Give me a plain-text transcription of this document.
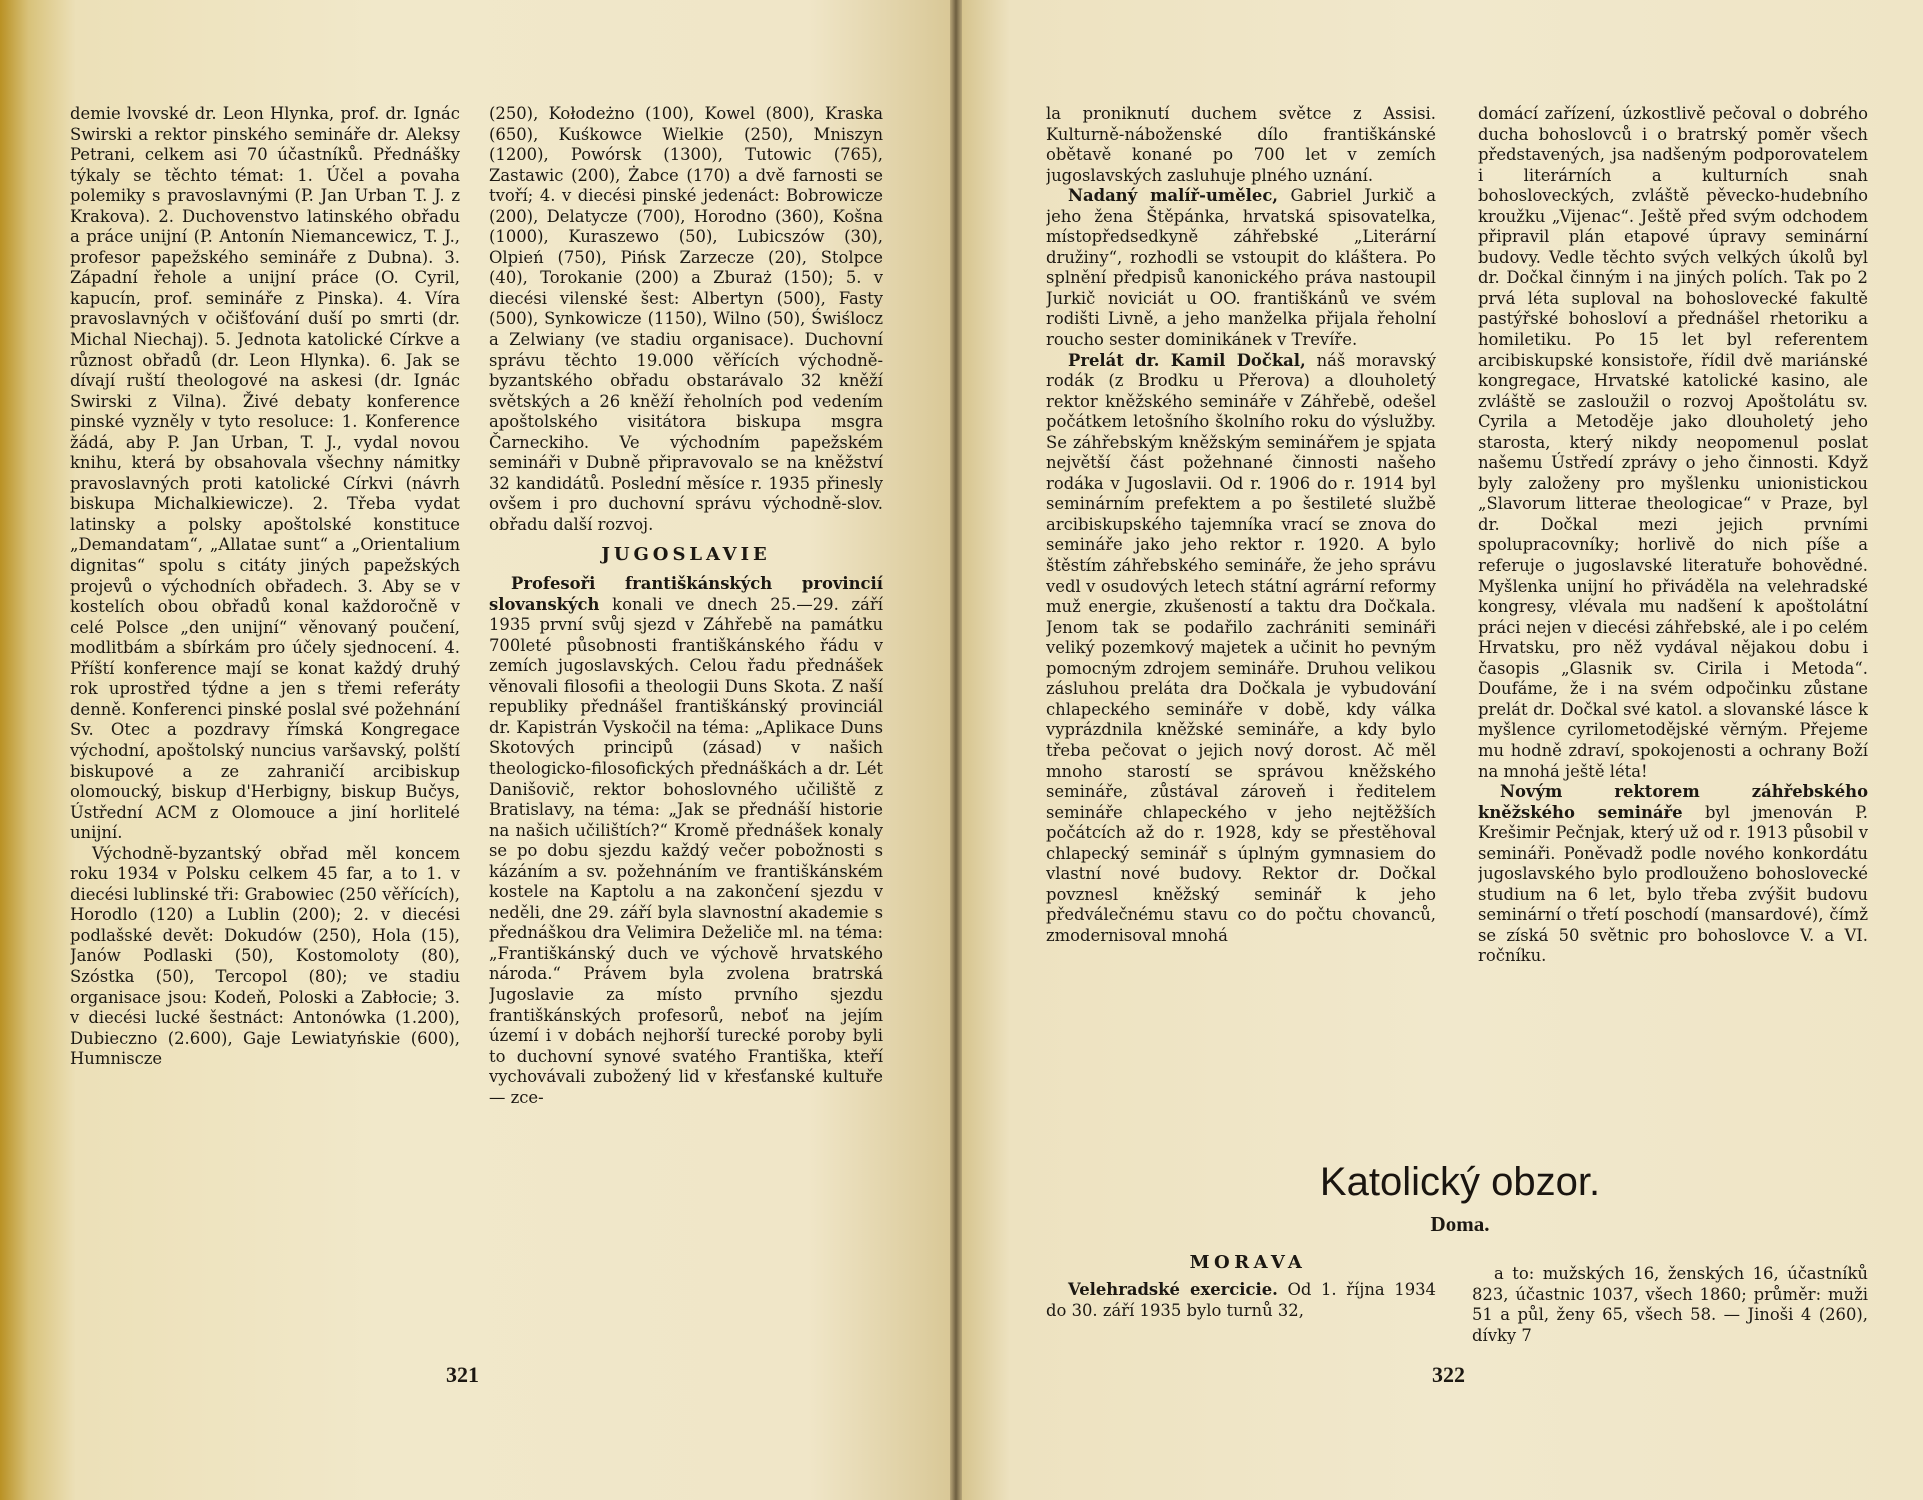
demie lvovské dr. Leon Hlynka, prof. dr. Ignác Swirski a rektor pinského semináře dr. Aleksy Petrani, celkem asi 70 účastníků. Přednášky týkaly se těchto témat: 1. Účel a povaha polemiky s pravoslavnými (P. Jan Urban T. J. z Krakova). 2. Duchovenstvo latinského obřadu a práce unijní (P. Antonín Niemancewicz, T. J., profesor papežského semináře z Dubna). 3. Západní řehole a unijní práce (O. Cyril, kapucín, prof. semináře z Pinska). 4. Víra pravoslavných v očišťování duší po smrti (dr. Michal Niechaj). 5. Jednota katolické Církve a různost obřadů (dr. Leon Hlynka). 6. Jak se dívají ruští theologové na askesi (dr. Ignác Swirski z Vilna). Živé debaty konference pinské vyzněly v tyto resoluce: 1. Konference žádá, aby P. Jan Urban, T. J., vydal novou knihu, která by obsahovala všechny námitky pravoslavných proti katolické Církvi (návrh biskupa Michalkiewicze). 2. Třeba vydat latinsky a polsky apoštolské konstituce „Demandatam“, „Allatae sunt“ a „Orientalium dignitas“ spolu s citáty jiných papežských projevů o východních obřadech. 3. Aby se v kostelích obou obřadů konal každoročně v celé Polsce „den unijní“ věnovaný poučení, modlitbám a sbírkám pro účely sjednocení. 4. Příští konference mají se konat každý druhý rok uprostřed týdne a jen s třemi referáty denně. Konferenci pinské poslal své požehnání Sv. Otec a pozdravy římská Kongregace východní, apoštolský nuncius varšavský, polští biskupové a ze zahraničí arcibiskup olomoucký, biskup d'Herbigny, biskup Bučys, Ústřední ACM z Olomouce a jiní horlitelé unijní.

Východně-byzantský obřad měl koncem roku 1934 v Polsku celkem 45 far, a to 1. v diecési lublinské tři: Grabowiec (250 věřících), Horodlo (120) a Lublin (200); 2. v diecési podlašské devět: Dokudów (250), Hola (15), Janów Podlaski (50), Kostomoloty (80), Szóstka (50), Tercopol (80); ve stadiu organisace jsou: Kodeň, Poloski a Zabłocie; 3. v diecési lucké šestnáct: Antonówka (1.200), Dubieczno (2.600), Gaje Lewiatyńskie (600), Humniscze

(250), Kołodeżno (100), Kowel (800), Kraska (650), Kuśkowce Wielkie (250), Mniszyn (1200), Powórsk (1300), Tutowic (765), Zastawic (200), Żabce (170) a dvě farnosti se tvoří; 4. v diecési pinské jedenáct: Bobrowicze (200), Delatycze (700), Horodno (360), Košna (1000), Kuraszewo (50), Lubicszów (30), Olpień (750), Pińsk Zarzecze (20), Stolpce (40), Torokanie (200) a Zburaż (150); 5. v diecési vilenské šest: Albertyn (500), Fasty (500), Synkowicze (1150), Wilno (50), Świślocz a Zelwiany (ve stadiu organisace). Duchovní správu těchto 19.000 věřících východně-byzantského obřadu obstarávalo 32 kněží světských a 26 kněží řeholních pod vedením apoštolského visitátora biskupa msgra Čarneckiho. Ve východním papežském semináři v Dubně připravovalo se na kněžství 32 kandidátů. Poslední měsíce r. 1935 přinesly ovšem i pro duchovní správu východně-slov. obřadu další rozvoj.

JUGOSLAVIE

Profesoři františkánských provincií slovanských konali ve dnech 25.—29. září 1935 první svůj sjezd v Záhřebě na památku 700leté působnosti františkánského řádu v zemích jugoslavských. Celou řadu přednášek věnovali filosofii a theologii Duns Skota. Z naší republiky přednášel františkánský provinciál dr. Kapistrán Vyskočil na téma: „Aplikace Duns Skotových principů (zásad) v našich theologicko-filosofických přednáškách a dr. Lét Danišovič, rektor bohoslovného učiliště z Bratislavy, na téma: „Jak se přednáší historie na našich učilištích?“ Kromě přednášek konaly se po dobu sjezdu každý večer pobožnosti s kázáním a sv. požehnáním ve františkánském kostele na Kaptolu a na zakončení sjezdu v neděli, dne 29. září byla slavnostní akademie s přednáškou dra Velimira Deželiče ml. na téma: „Františkánský duch ve výchově hrvatského národa.“ Právem byla zvolena bratrská Jugoslavie za místo prvního sjezdu františkánských profesorů, neboť na jejím území i v dobách nejhorší turecké poroby byli to duchovní synové svatého Františka, kteří vychovávali zubožený lid v křesťanské kultuře — zce-

321

la proniknutí duchem světce z Assisi. Kulturně-náboženské dílo františkánské obětavě konané po 700 let v zemích jugoslavských zasluhuje plného uznání.

Nadaný malíř-umělec, Gabriel Jurkič a jeho žena Štěpánka, hrvatská spisovatelka, místopředsedkyně záhřebské „Literární družiny“, rozhodli se vstoupit do kláštera. Po splnění předpisů kanonického práva nastoupil Jurkič noviciát u OO. františkánů ve svém rodišti Livně, a jeho manželka přijala řeholní roucho sester dominikánek v Trevíře.

Prelát dr. Kamil Dočkal, náš moravský rodák (z Brodku u Přerova) a dlouholetý rektor kněžského semináře v Záhřebě, odešel počátkem letošního školního roku do výslužby. Se záhřebským kněžským seminářem je spjata největší část požehnané činnosti našeho rodáka v Jugoslavii. Od r. 1906 do r. 1914 byl seminárním prefektem a po šestileté službě arcibiskupského tajemníka vrací se znova do semináře jako jeho rektor r. 1920. A bylo štěstím záhřebského semináře, že jeho správu vedl v osudových letech státní agrární reformy muž energie, zkušeností a taktu dra Dočkala. Jenom tak se podařilo zachrániti semináři veliký pozemkový majetek a učinit ho pevným pomocným zdrojem semináře. Druhou velikou zásluhou preláta dra Dočkala je vybudování chlapeckého semináře v době, kdy válka vyprázdnila kněžské semináře, a kdy bylo třeba pečovat o jejich nový dorost. Ač měl mnoho starostí se správou kněžského semináře, zůstával zároveň i ředitelem semináře chlapeckého v jeho nejtěžších počátcích až do r. 1928, kdy se přestěhoval chlapecký seminář s úplným gymnasiem do vlastní nové budovy. Rektor dr. Dočkal povznesl kněžský seminář k jeho předválečnému stavu co do počtu chovanců, zmodernisoval mnohá

domácí zařízení, úzkostlivě pečoval o dobrého ducha bohoslovců i o bratrský poměr všech představených, jsa nadšeným podporovatelem i literárních a kulturních snah bohosloveckých, zvláště pěvecko-hudebního kroužku „Vijenac“. Ještě před svým odchodem připravil plán etapové úpravy seminární budovy. Vedle těchto svých velkých úkolů byl dr. Dočkal činným i na jiných polích. Tak po 2 prvá léta suploval na bohoslovecké fakultě pastýřské bohosloví a přednášel rhetoriku a homiletiku. Po 15 let byl referentem arcibiskupské konsistoře, řídil dvě mariánské kongregace, Hrvatské katolické kasino, ale zvláště se zasloužil o rozvoj Apoštolátu sv. Cyrila a Metoděje jako dlouholetý jeho starosta, který nikdy neopomenul poslat našemu Ústředí zprávy o jeho činnosti. Když byly založeny pro myšlenku unionistickou „Slavorum litterae theologicae“ v Praze, byl dr. Dočkal mezi jejich prvními spolupracovníky; horlivě do nich píše a referuje o jugoslavské literatuře bohovědné. Myšlenka unijní ho přiváděla na velehradské kongresy, vlévala mu nadšení k apoštolátní práci nejen v diecési záhřebské, ale i po celém Hrvatsku, pro něž vydával nějakou dobu i časopis „Glasnik sv. Cirila i Metoda“. Doufáme, že i na svém odpočinku zůstane prelát dr. Dočkal své katol. a slovanské lásce k myšlence cyrilometodějské věrným. Přejeme mu hodně zdraví, spokojenosti a ochrany Boží na mnohá ještě léta!

Novým rektorem záhřebského kněžského semináře byl jmenován P. Krešimir Pečnjak, který už od r. 1913 působil v semináři. Poněvadž podle nového konkordátu jugoslavského bylo prodlouženo bohoslovecké studium na 6 let, bylo třeba zvýšit budovu seminární o třetí poschodí (mansardové), čímž se získá 50 světnic pro bohoslovce V. a VI. ročníku.

Katolický obzor.
Doma.
MORAVA

Velehradské exercicie. Od 1. října 1934 do 30. září 1935 bylo turnů 32,

a to: mužských 16, ženských 16, účastníků 823, účastnic 1037, všech 1860; průměr: muži 51 a půl, ženy 65, všech 58. — Jinoši 4 (260), dívky 7

322
